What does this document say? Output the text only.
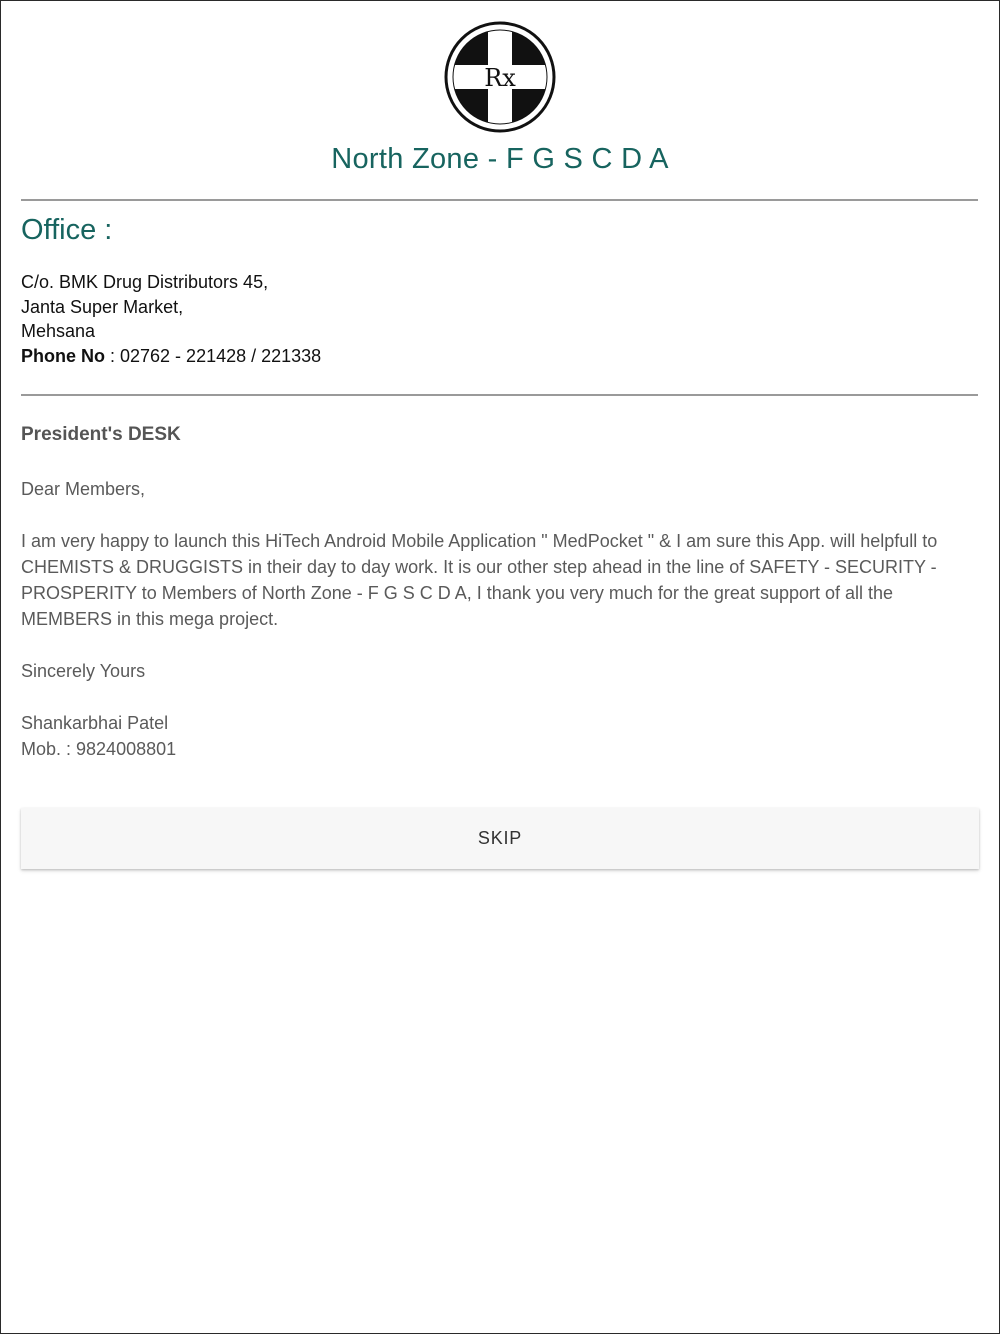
Rx
North Zone - F G S C D A
Office :
C/o. BMK Drug Distributors 45,
Janta Super Market,
Mehsana
Phone No : 02762 - 221428 / 221338
President's DESK

Dear Members,

I am very happy to launch this HiTech Android Mobile Application " MedPocket " & I am sure this App. will helpfull to CHEMISTS & DRUGGISTS in their day to day work. It is our other step ahead in the line of SAFETY - SECURITY - PROSPERITY to Members of North Zone - F G S C D A, I thank you very much for the great support of all the MEMBERS in this mega project.

Sincerely Yours

Shankarbhai Patel
Mob. : 9824008801
SKIP
